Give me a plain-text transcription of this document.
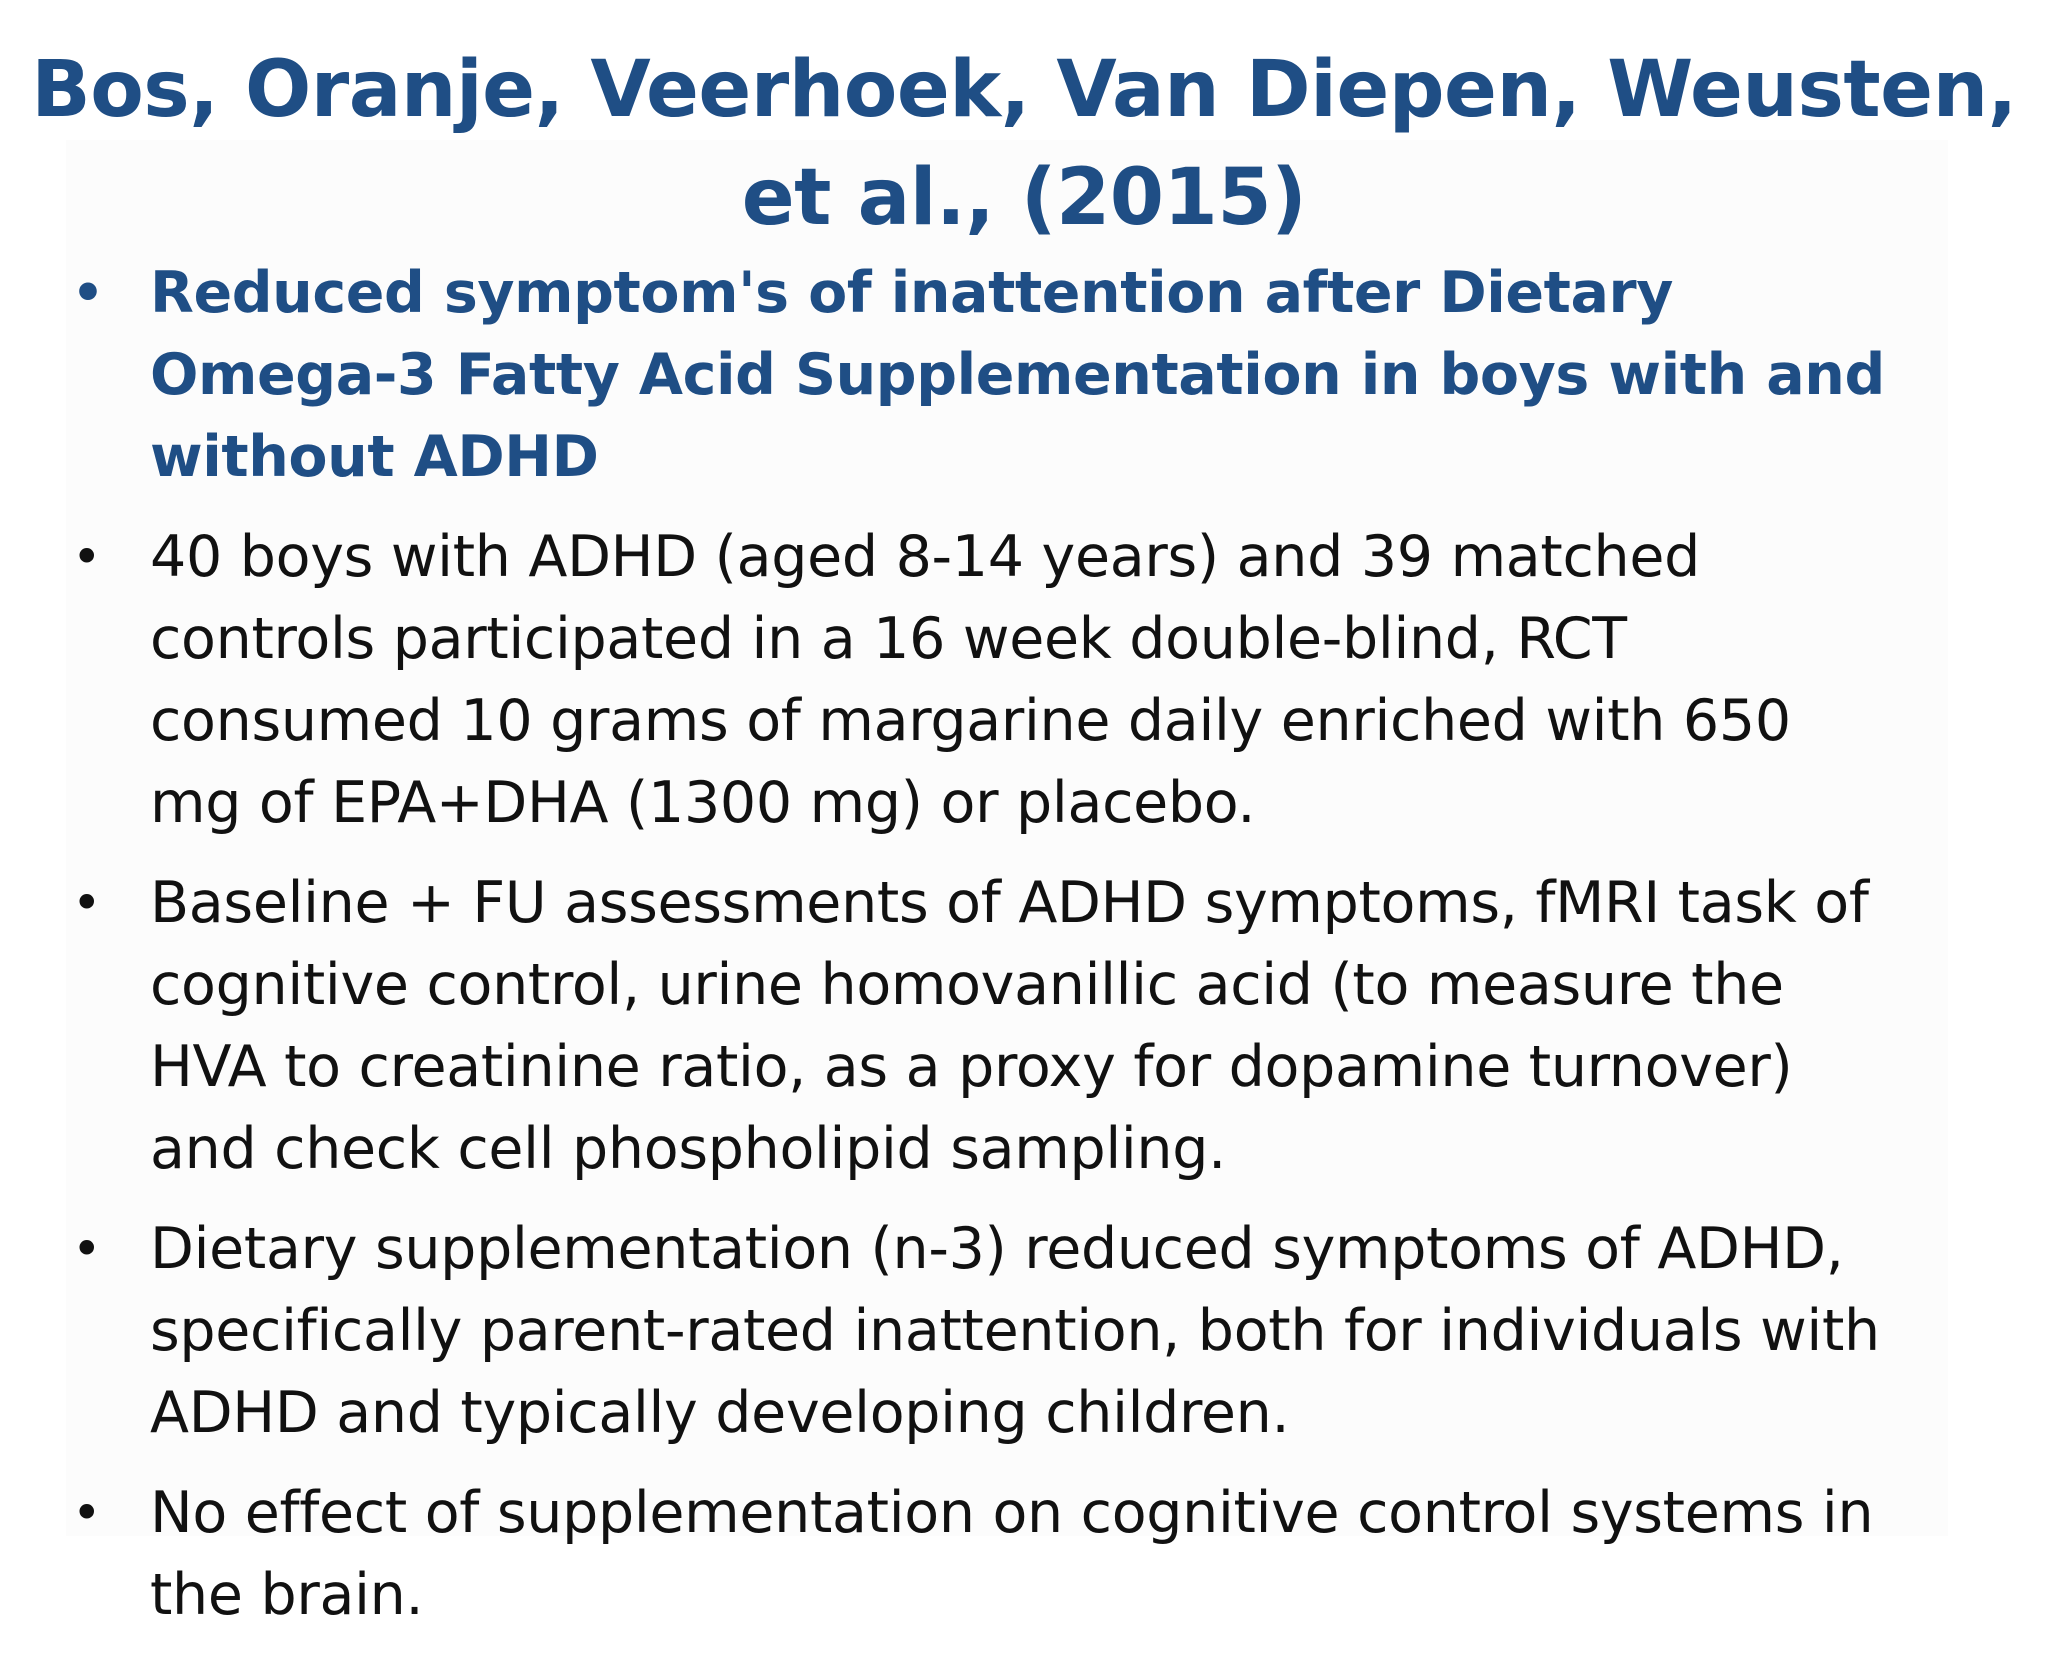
Bos, Oranje, Veerhoek, Van Diepen, Weusten, et al., (2015)
• Reduced symptom's of inattention after Dietary Omega-3 Fatty Acid Supplementation in boys with and without ADHD
• 40 boys with ADHD (aged 8-14 years) and 39 matched controls participated in a 16 week double-blind, RCT consumed 10 grams of margarine daily enriched with 650 mg of EPA+DHA (1300 mg) or placebo.
• Baseline + FU assessments of ADHD symptoms, fMRI task of cognitive control, urine homovanillic acid (to measure the HVA to creatinine ratio, as a proxy for dopamine turnover) and check cell phospholipid sampling.
• Dietary supplementation (n-3) reduced symptoms of ADHD, specifically parent-rated inattention, both for individuals with ADHD and typically developing children.
• No effect of supplementation on cognitive control systems in the brain.
